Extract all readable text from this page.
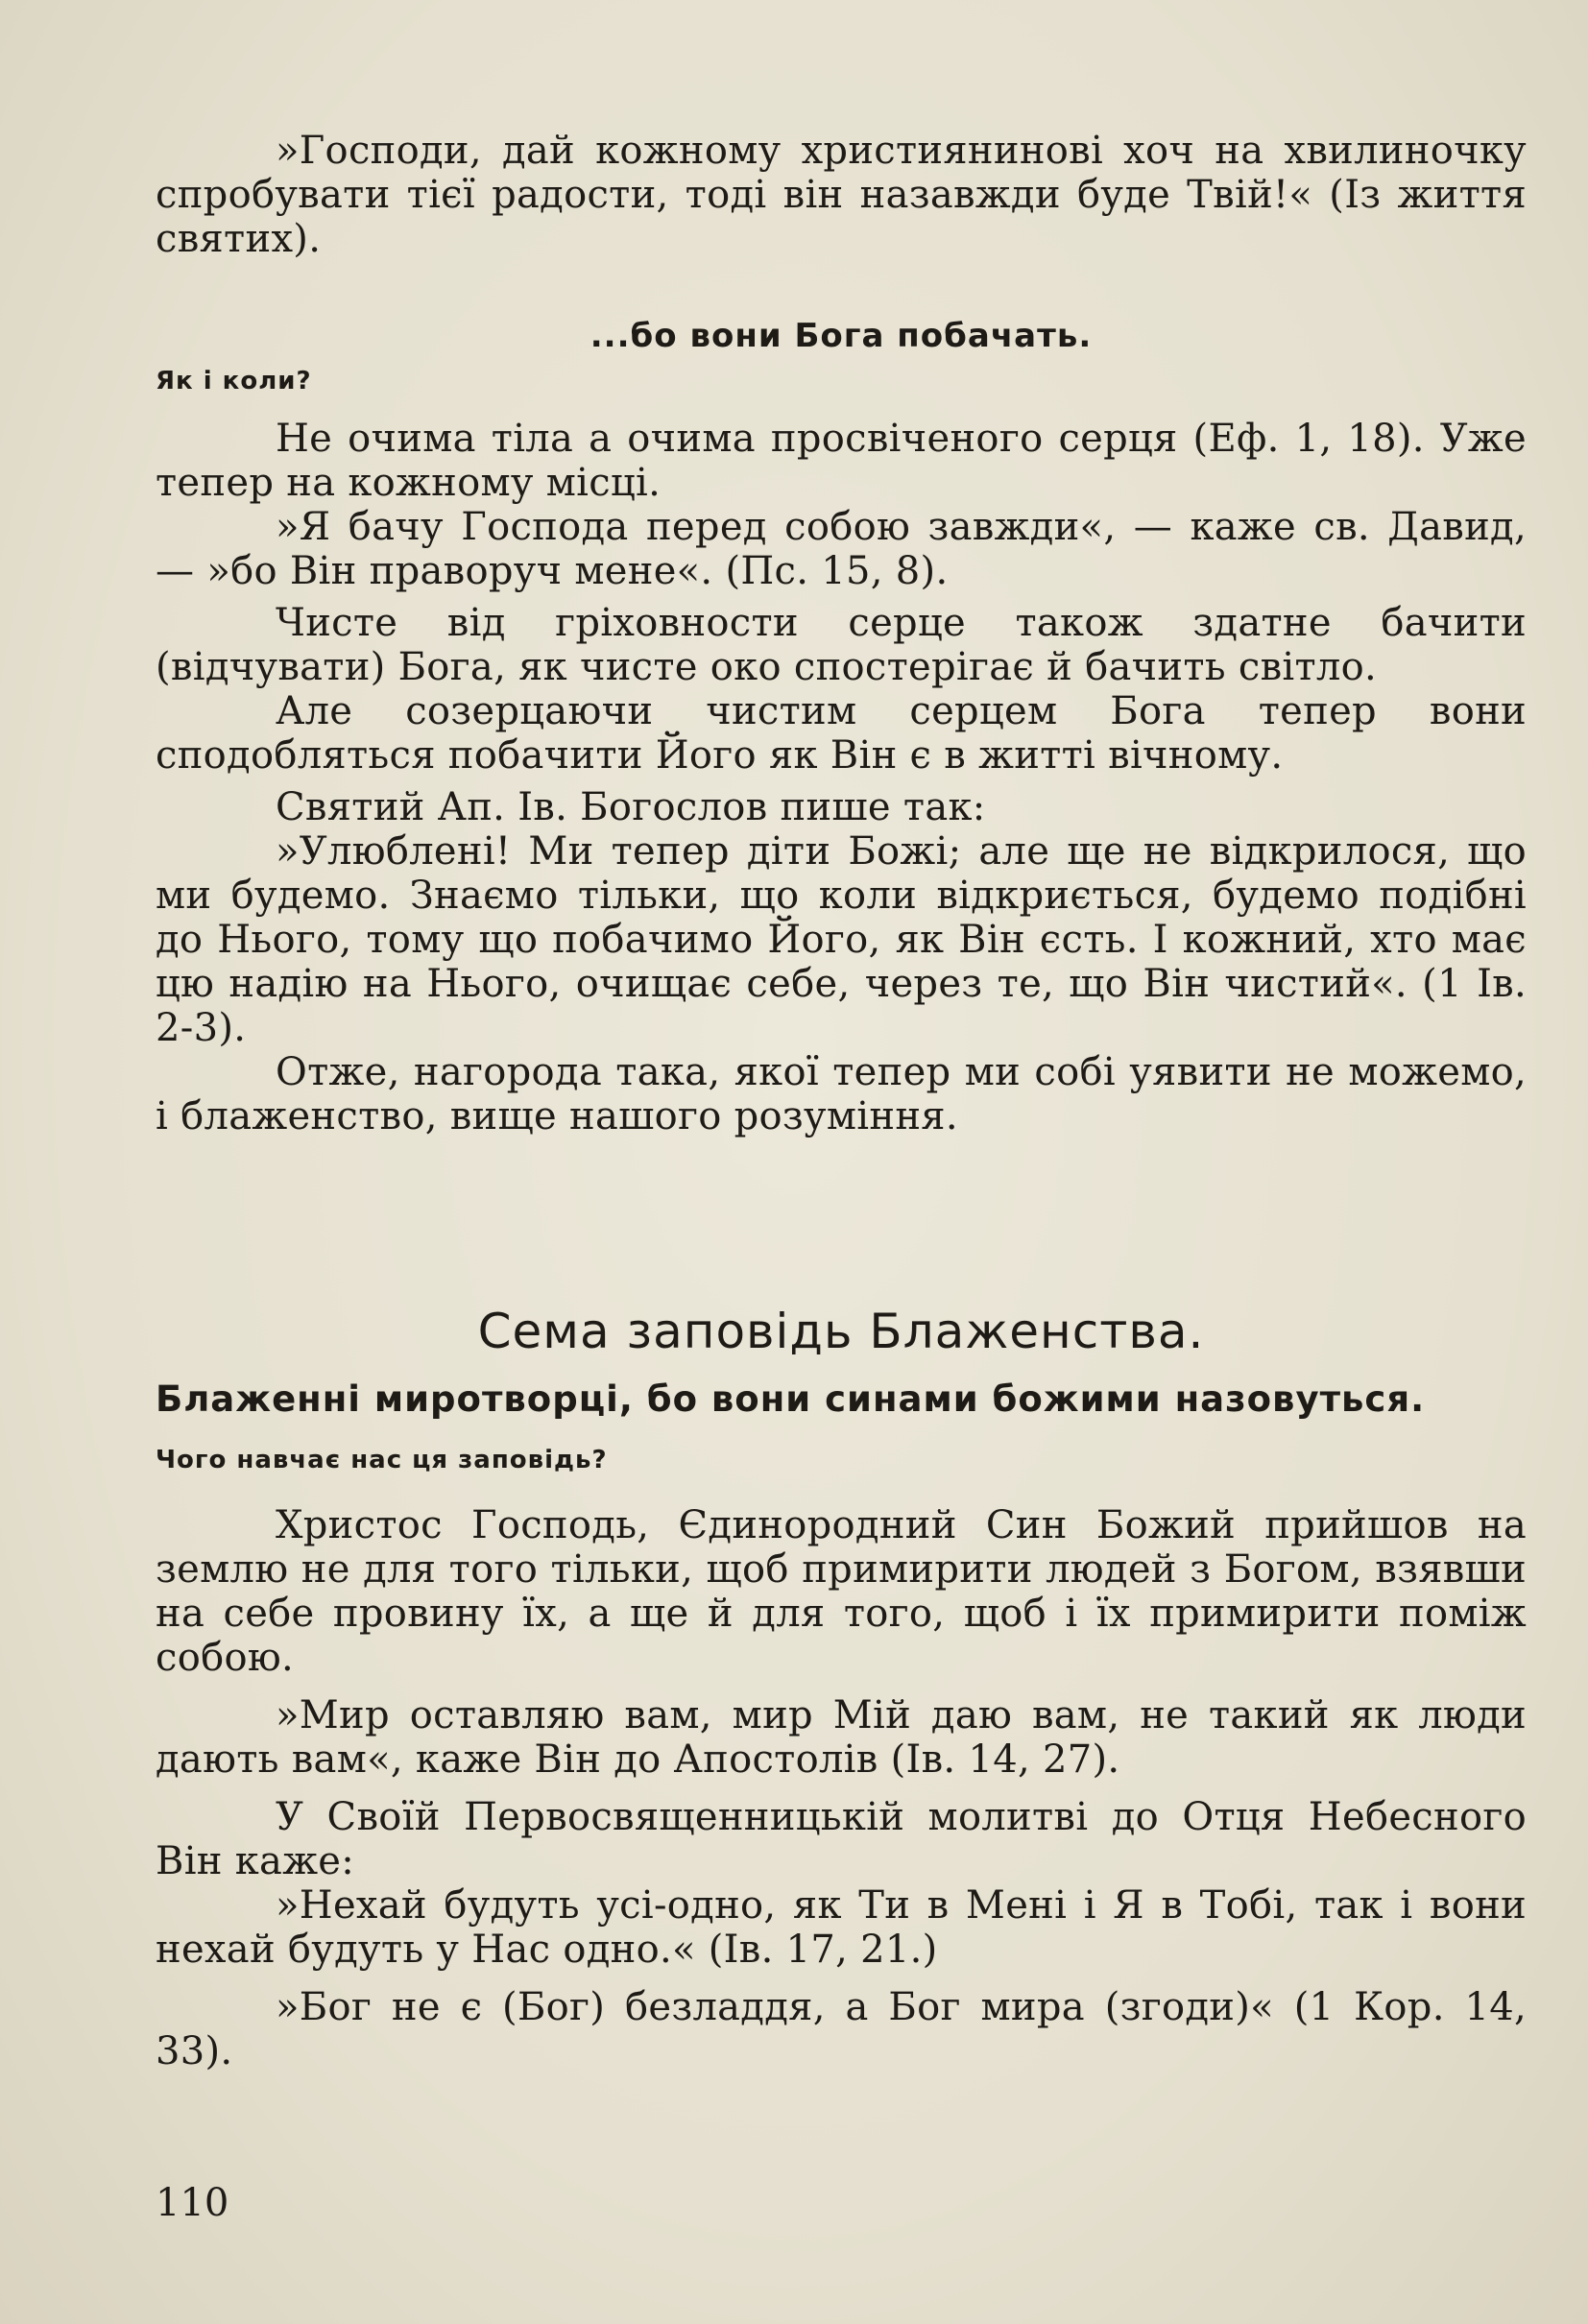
»Господи, дай кожному християнинові хоч на хвилиночку спробувати тієї радости, тоді він назавжди буде Твій!« (Із життя святих).

...бо вони Бога побачать.

Як і коли?

Не очима тіла а очима просвіченого серця (Еф. 1, 18). Уже тепер на кожному місці.

»Я бачу Господа перед собою завжди«, — каже св. Давид, — »бо Він праворуч мене«. (Пс. 15, 8).

Чисте від гріховности серце також здатне бачити (відчувати) Бога, як чисте око спостерігає й бачить світло.

Але созерцаючи чистим серцем Бога тепер вони сподобляться побачити Його як Він є в житті вічному.

Святий Ап. Ів. Богослов пише так:

»Улюблені! Ми тепер діти Божі; але ще не відкрилося, що ми будемо. Знаємо тільки, що коли відкриється, будемо подібні до Нього, тому що побачимо Його, як Він єсть. І кожний, хто має цю надію на Нього, очищає себе, через те, що Він чистий«. (1 Ів. 2-3).

Отже, нагорода така, якої тепер ми собі уявити не можемо, і блаженство, вище нашого розуміння.

Сема заповідь Блаженства.

Блаженні миротворці, бо вони синами божими назовуться.

Чого навчає нас ця заповідь?

Христос Господь, Єдинородний Син Божий прийшов на землю не для того тільки, щоб примирити людей з Богом, взявши на себе провину їх, а ще й для того, щоб і їх примирити поміж собою.

»Мир оставляю вам, мир Мій даю вам, не такий як люди дають вам«, каже Він до Апостолів (Ів. 14, 27).

У Своїй Первосвященницькій молитві до Отця Небесного Він каже:

»Нехай будуть усі-одно, як Ти в Мені і Я в Тобі, так і вони нехай будуть у Нас одно.« (Ів. 17, 21.)

»Бог не є (Бог) безладдя, а Бог мира (згоди)« (1 Кор. 14, 33).

110
